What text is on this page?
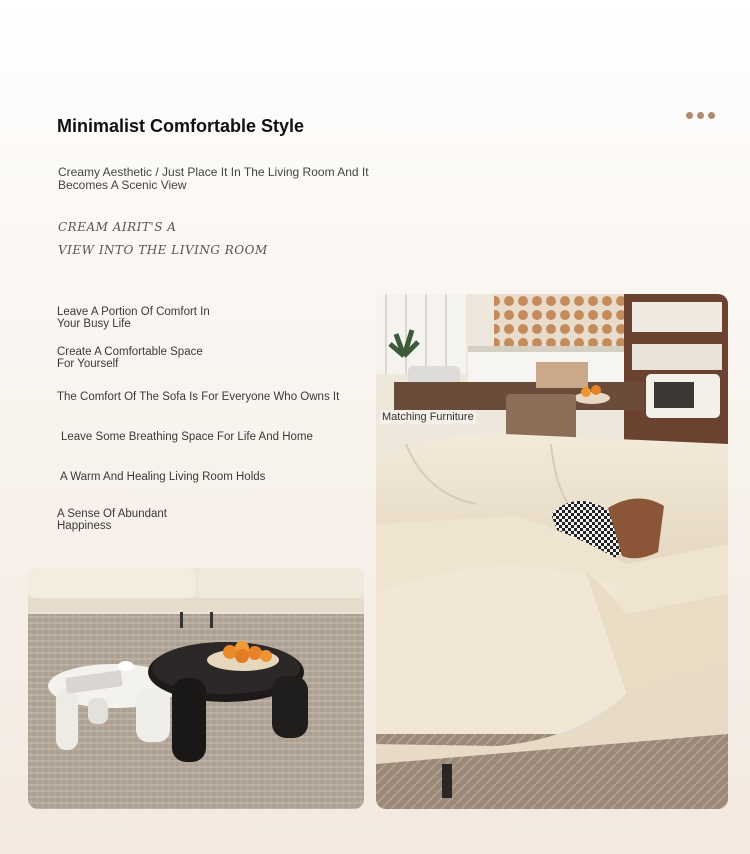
Minimalist Comfortable Style
Creamy Aesthetic / Just Place It In The Living Room And It Becomes A Scenic View
CREAM AIRIT'S A
VIEW INTO THE LIVING ROOM
Leave A Portion Of Comfort In Your Busy Life
Create A Comfortable Space For Yourself
The Comfort Of The Sofa Is For Everyone Who Owns It
Leave Some Breathing Space For Life And Home
A Warm And Healing Living Room Holds
A Sense Of Abundant Happiness
Matching Furniture
